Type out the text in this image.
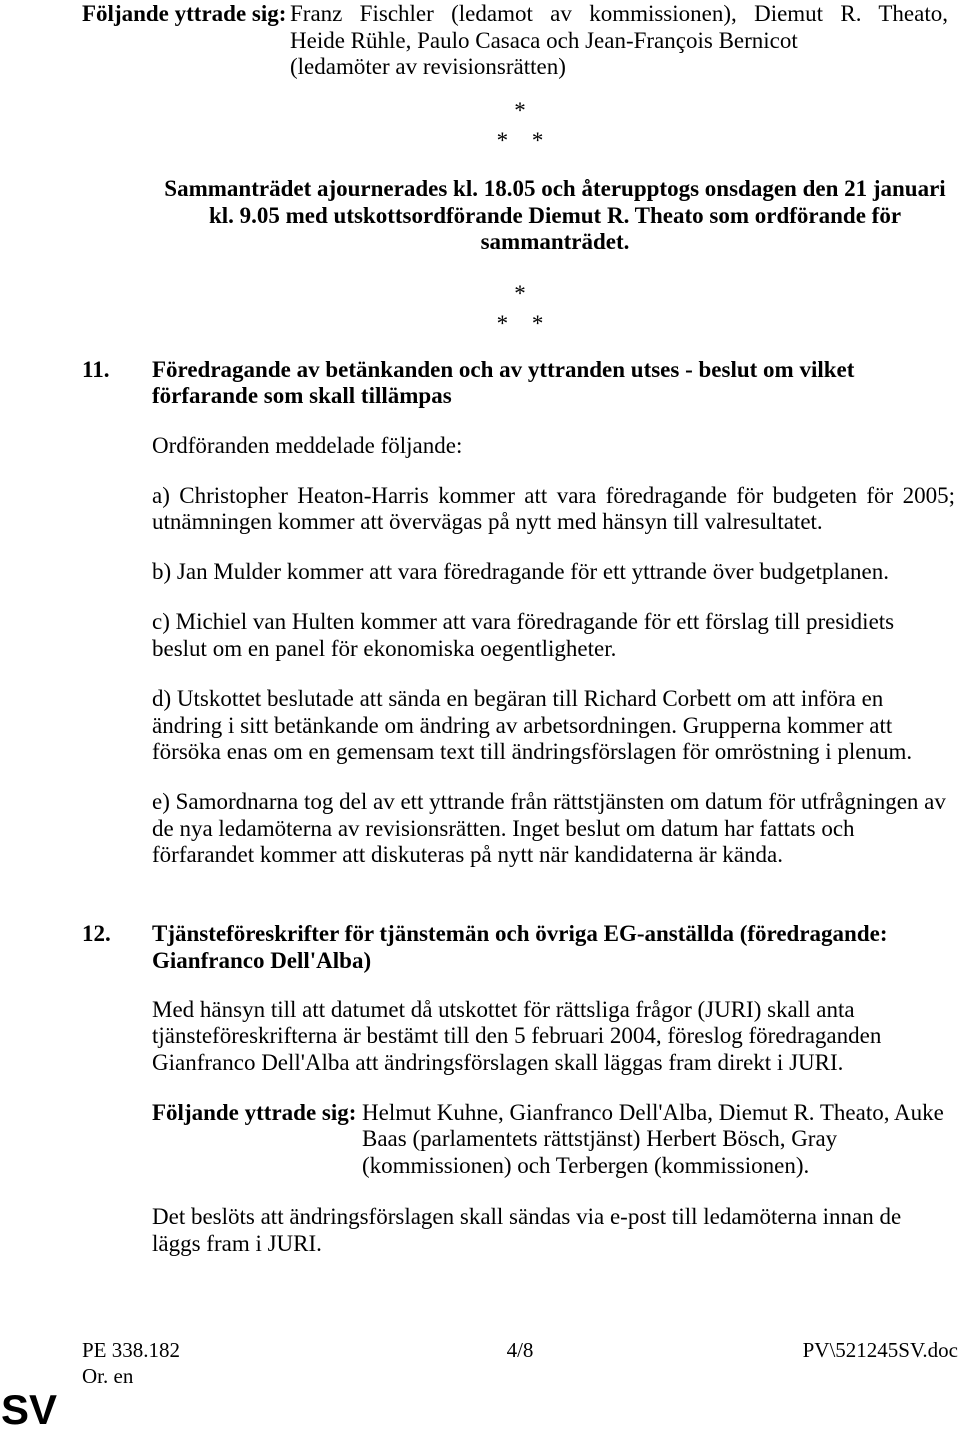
Följande yttrade sig: Franz Fischler (ledamot av kommissionen), Diemut R. Theato,
Heide Rühle, Paulo Casaca och Jean-François Bernicot
(ledamöter av revisionsrätten)
*
* *
Sammanträdet ajournerades kl. 18.05 och återupptogs onsdagen den 21 januari
kl. 9.05 med utskottsordförande Diemut R. Theato som ordförande för
sammanträdet.
*
* *
11. Föredragande av betänkanden och av yttranden utses - beslut om vilket
förfarande som skall tillämpas
Ordföranden meddelade följande:
a) Christopher Heaton-Harris kommer att vara föredragande för budgeten för 2005;
utnämningen kommer att övervägas på nytt med hänsyn till valresultatet.
b) Jan Mulder kommer att vara föredragande för ett yttrande över budgetplanen.
c) Michiel van Hulten kommer att vara föredragande för ett förslag till presidiets
beslut om en panel för ekonomiska oegentligheter.
d) Utskottet beslutade att sända en begäran till Richard Corbett om att införa en
ändring i sitt betänkande om ändring av arbetsordningen. Grupperna kommer att
försöka enas om en gemensam text till ändringsförslagen för omröstning i plenum.
e) Samordnarna tog del av ett yttrande från rättstjänsten om datum för utfrågningen av
de nya ledamöterna av revisionsrätten. Inget beslut om datum har fattats och
förfarandet kommer att diskuteras på nytt när kandidaterna är kända.
12. Tjänsteföreskrifter för tjänstemän och övriga EG-anställda (föredragande:
Gianfranco Dell'Alba)
Med hänsyn till att datumet då utskottet för rättsliga frågor (JURI) skall anta
tjänsteföreskrifterna är bestämt till den 5 februari 2004, föreslog föredraganden
Gianfranco Dell'Alba att ändringsförslagen skall läggas fram direkt i JURI.
Följande yttrade sig: Helmut Kuhne, Gianfranco Dell'Alba, Diemut R. Theato, Auke
Baas (parlamentets rättstjänst) Herbert Bösch, Gray
(kommissionen) och Terbergen (kommissionen).
Det beslöts att ändringsförslagen skall sändas via e-post till ledamöterna innan de
läggs fram i JURI.
PE 338.182	4/8	PV\521245SV.doc
Or. en
SV
